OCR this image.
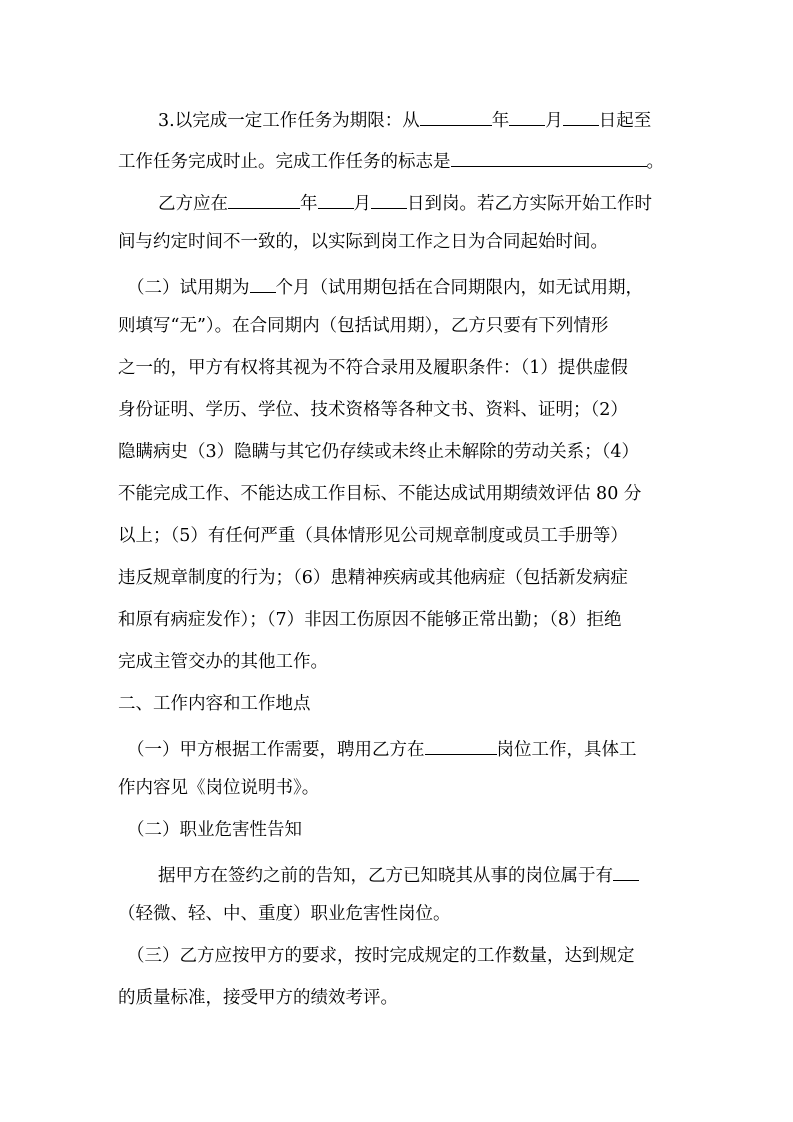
3.以完成一定工作任务为期限：从	年 月 日起至
工作任务完成时止。完成工作任务的标志是	。
乙方应在	年 月 日到岗。若乙方实际开始工作时
间与约定时间不一致的，以实际到岗工作之日为合同起始时间。
（二）试用期为 个月（试用期包括在合同期限内，如无试用期，
则填写“无”）。在合同期内（包括试用期），乙方只要有下列情形
之一的，甲方有权将其视为不符合录用及履职条件：（1）提供虚假
身份证明、学历、学位、技术资格等各种文书、资料、证明；（2）
隐瞒病史（3）隐瞒与其它仍存续或未终止未解除的劳动关系；（4）
不能完成工作、不能达成工作目标、不能达成试用期绩效评估 80 分
以上；（5）有任何严重（具体情形见公司规章制度或员工手册等）
违反规章制度的行为；（6）患精神疾病或其他病症（包括新发病症
和原有病症发作）；（7）非因工伤原因不能够正常出勤；（8）拒绝
完成主管交办的其他工作。
二、工作内容和工作地点
（一）甲方根据工作需要，聘用乙方在	岗位工作，具体工
作内容见《岗位说明书》。
（二）职业危害性告知
据甲方在签约之前的告知，乙方已知晓其从事的岗位属于有
（轻微、轻、中、重度）职业危害性岗位。
（三）乙方应按甲方的要求，按时完成规定的工作数量，达到规定
的质量标准，接受甲方的绩效考评。
